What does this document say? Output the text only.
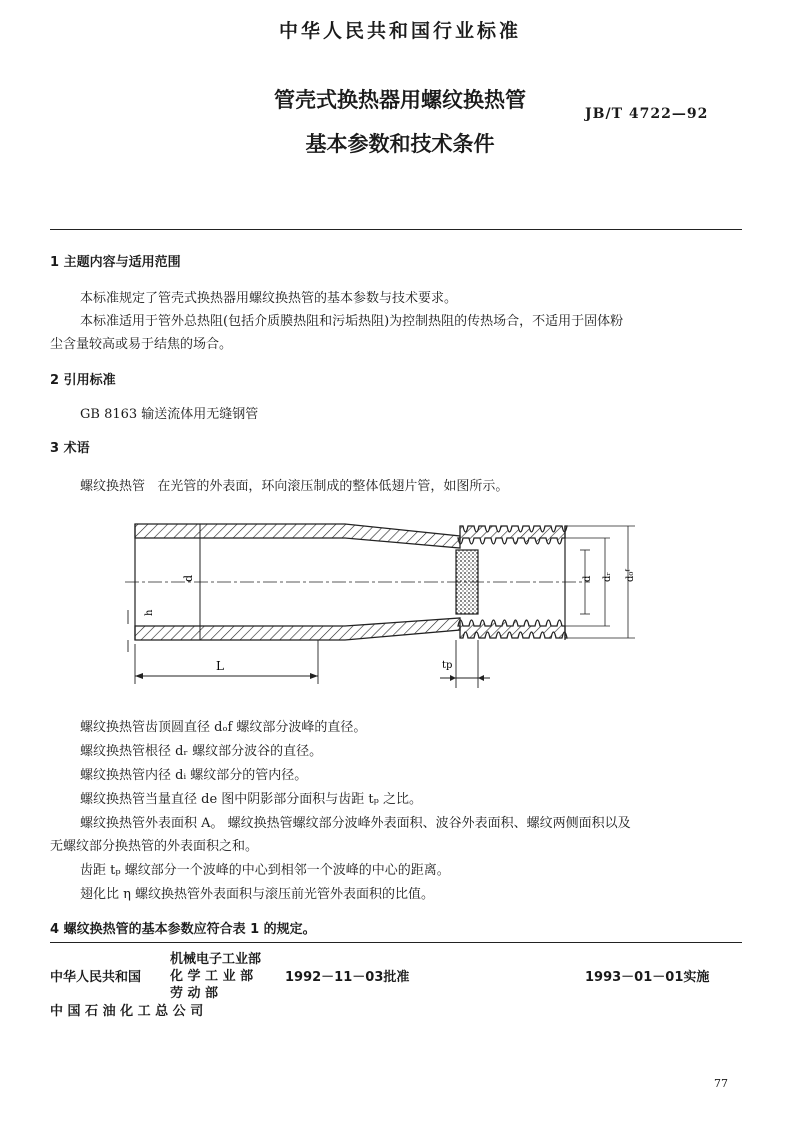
中华人民共和国行业标准
管壳式换热器用螺纹换热管
基本参数和技术条件
JB/T 4722—92
1 主题内容与适用范围
本标准规定了管壳式换热器用螺纹换热管的基本参数与技术要求。
本标准适用于管外总热阻(包括介质膜热阻和污垢热阻)为控制热阻的传热场合，不适用于固体粉
尘含量较高或易于结焦的场合。
2 引用标准
GB 8163 输送流体用无缝钢管
3 术语
螺纹换热管 在光管的外表面，环向滚压制成的整体低翅片管，如图所示。
d
h
L	tp
d dᵣ d₀ᶠ
螺纹换热管齿顶圆直径 dₒf 螺纹部分波峰的直径。
螺纹换热管根径 dᵣ 螺纹部分波谷的直径。
螺纹换热管内径 dᵢ 螺纹部分的管内径。
螺纹换热管当量直径 de 图中阴影部分面积与齿距 tₚ 之比。
螺纹换热管外表面积 A。 螺纹换热管螺纹部分波峰外表面积、波谷外表面积、螺纹两侧面积以及
无螺纹部分换热管的外表面积之和。
齿距 tₚ 螺纹部分一个波峰的中心到相邻一个波峰的中心的距离。
翅化比 η 螺纹换热管外表面积与滚压前光管外表面积的比值。
4 螺纹换热管的基本参数应符合表 1 的规定。
中华人民共和国
机械电子工业部
化 学 工 业 部
劳 动 部
1992－11－03批准	1993－01－01实施
中 国 石 油 化 工 总 公 司
77
